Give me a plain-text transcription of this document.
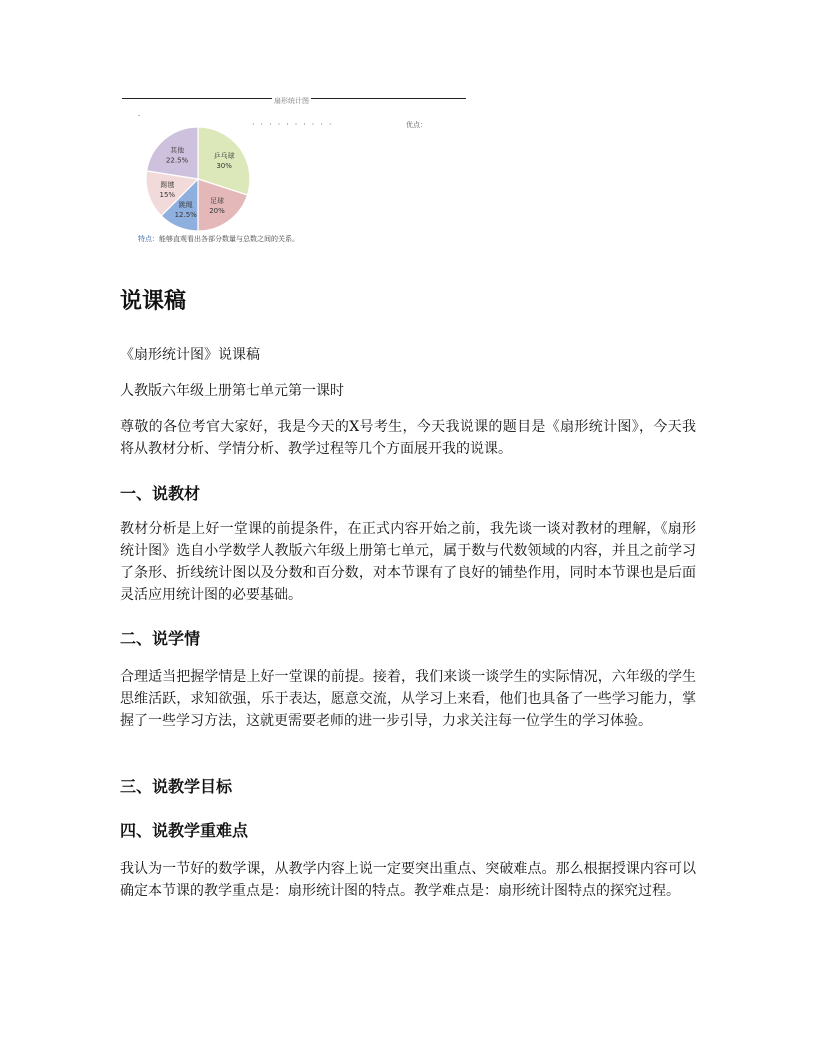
扇形统计图
·
··········	优点：
乒乓球
30%
足球
20%
跳绳
12.5%
踢毽
15%
其他
22.5%
特点：能够直观看出各部分数量与总数之间的关系。
说课稿

《扇形统计图》说课稿

人教版六年级上册第七单元第一课时

尊敬的各位考官大家好，我是今天的X号考生，今天我说课的题目是《扇形统计图》，今天我将从教材分析、学情分析、教学过程等几个方面展开我的说课。

一、说教材

教材分析是上好一堂课的前提条件，在正式内容开始之前，我先谈一谈对教材的理解，《扇形统计图》选自小学数学人教版六年级上册第七单元，属于数与代数领域的内容，并且之前学习了条形、折线统计图以及分数和百分数，对本节课有了良好的铺垫作用，同时本节课也是后面灵活应用统计图的必要基础。

二、说学情

合理适当把握学情是上好一堂课的前提。接着，我们来谈一谈学生的实际情况，六年级的学生思维活跃，求知欲强，乐于表达，愿意交流，从学习上来看，他们也具备了一些学习能力，掌握了一些学习方法，这就更需要老师的进一步引导，力求关注每一位学生的学习体验。

三、说教学目标
四、说教学重难点

我认为一节好的数学课，从教学内容上说一定要突出重点、突破难点。那么根据授课内容可以确定本节课的教学重点是：扇形统计图的特点。教学难点是：扇形统计图特点的探究过程。
